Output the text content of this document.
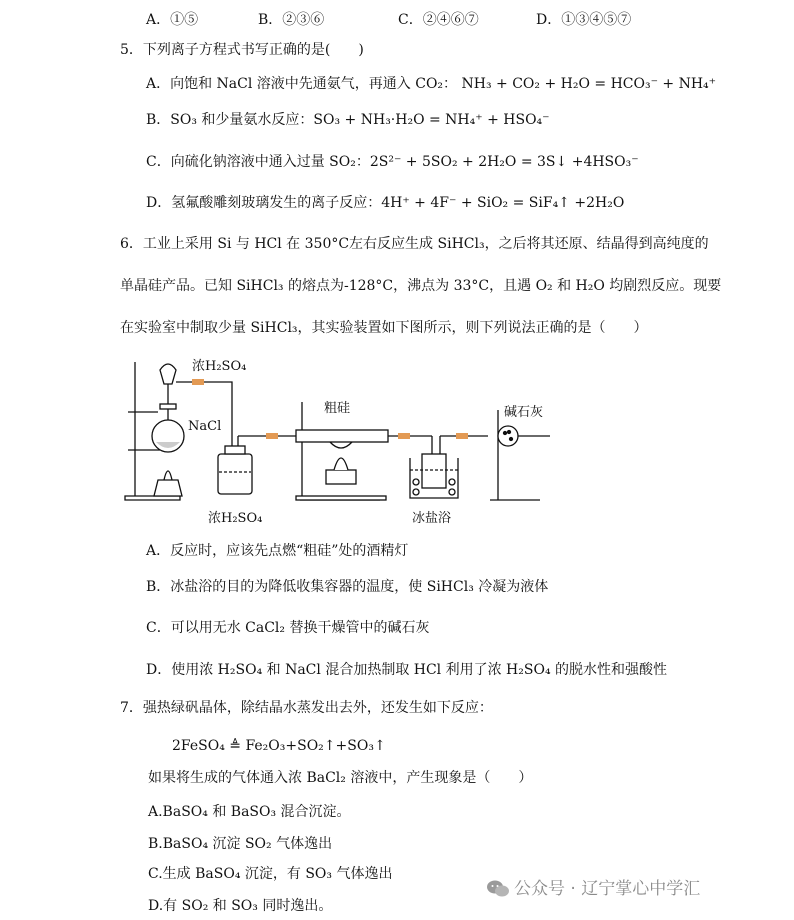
A．①⑤	B．②③⑥	C．②④⑥⑦	D．①③④⑤⑦
5．下列离子方程式书写正确的是(　　)
A．向饱和 NaCl 溶液中先通氨气，再通入 CO₂： NH₃ + CO₂ + H₂O = HCO₃⁻ + NH₄⁺
B．SO₃ 和少量氨水反应：SO₃ + NH₃·H₂O = NH₄⁺ + HSO₄⁻
C．向硫化钠溶液中通入过量 SO₂：2S²⁻ + 5SO₂ + 2H₂O = 3S↓ +4HSO₃⁻
D．氢氟酸雕刻玻璃发生的离子反应：4H⁺ + 4F⁻ + SiO₂ = SiF₄↑ +2H₂O
6．工业上采用 Si 与 HCl 在 350°C左右反应生成 SiHCl₃，之后将其还原、结晶得到高纯度的
单晶硅产品。已知 SiHCl₃ 的熔点为-128°C，沸点为 33°C，且遇 O₂ 和 H₂O 均剧烈反应。现要
在实验室中制取少量 SiHCl₃，其实验装置如下图所示，则下列说法正确的是（　　）
浓H₂SO₄
NaCl
浓H₂SO₄
粗硅	碱石灰
冰盐浴
A．反应时，应该先点燃“粗硅”处的酒精灯
B．冰盐浴的目的为降低收集容器的温度，使 SiHCl₃ 冷凝为液体
C．可以用无水 CaCl₂ 替换干燥管中的碱石灰
D．使用浓 H₂SO₄ 和 NaCl 混合加热制取 HCl 利用了浓 H₂SO₄ 的脱水性和强酸性
7．强热绿矾晶体，除结晶水蒸发出去外，还发生如下反应：
2FeSO₄ ≜ Fe₂O₃+SO₂↑+SO₃↑
如果将生成的气体通入浓 BaCl₂ 溶液中，产生现象是（　　）
A.BaSO₄ 和 BaSO₃ 混合沉淀。
B.BaSO₄ 沉淀 SO₂ 气体逸出
C.生成 BaSO₄ 沉淀，有 SO₃ 气体逸出
D.有 SO₂ 和 SO₃ 同时逸出。
公众号 · 辽宁掌心中学汇
